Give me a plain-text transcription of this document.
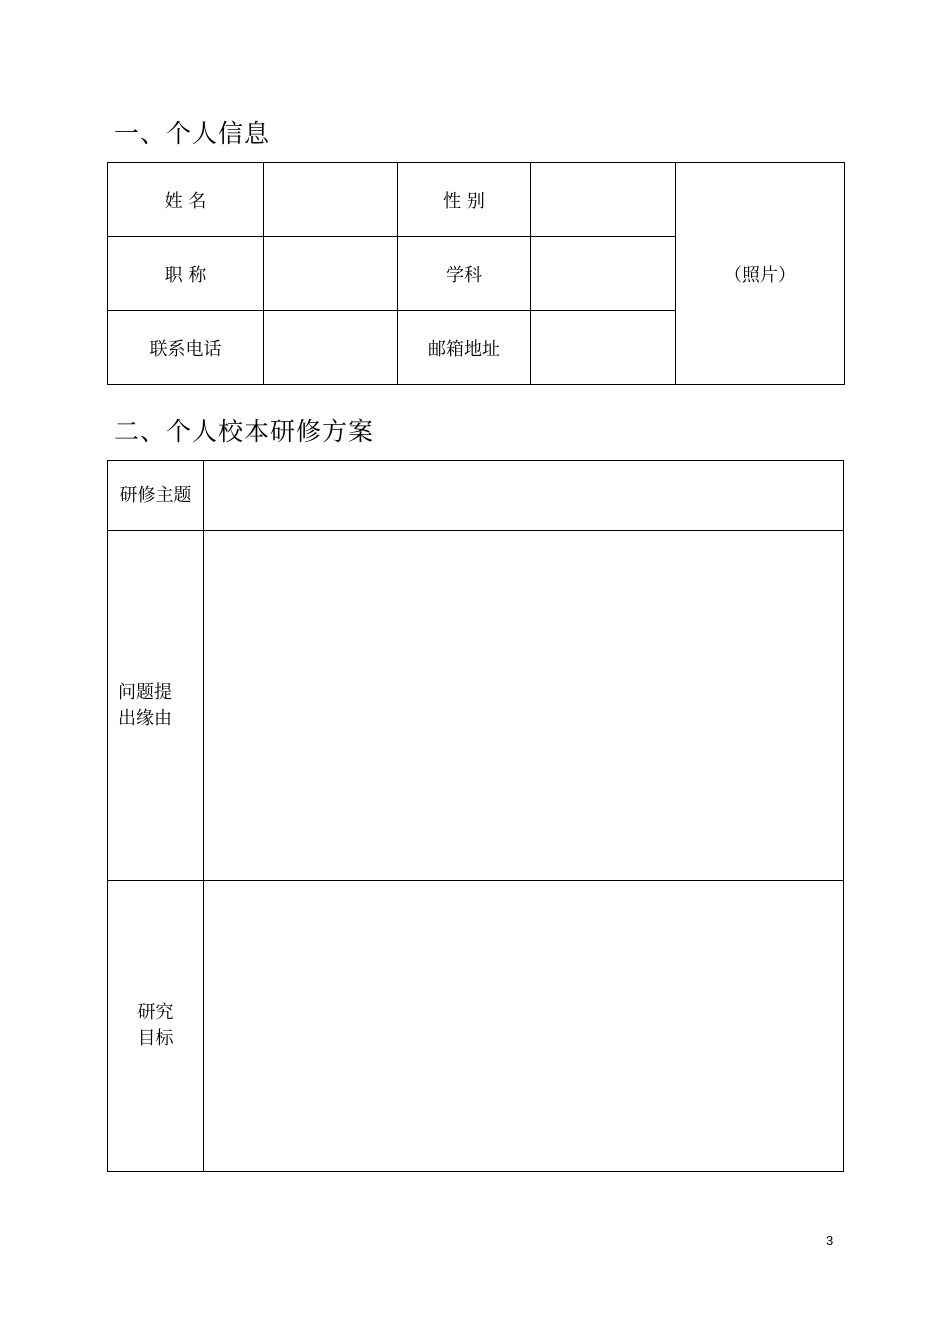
一、个人信息
姓 名		性 别		（照片）
职 称		学科		
联系电话		邮箱地址		
二、个人校本研修方案
研修主题	

问题提
出缘由	

研究
目标	

3
